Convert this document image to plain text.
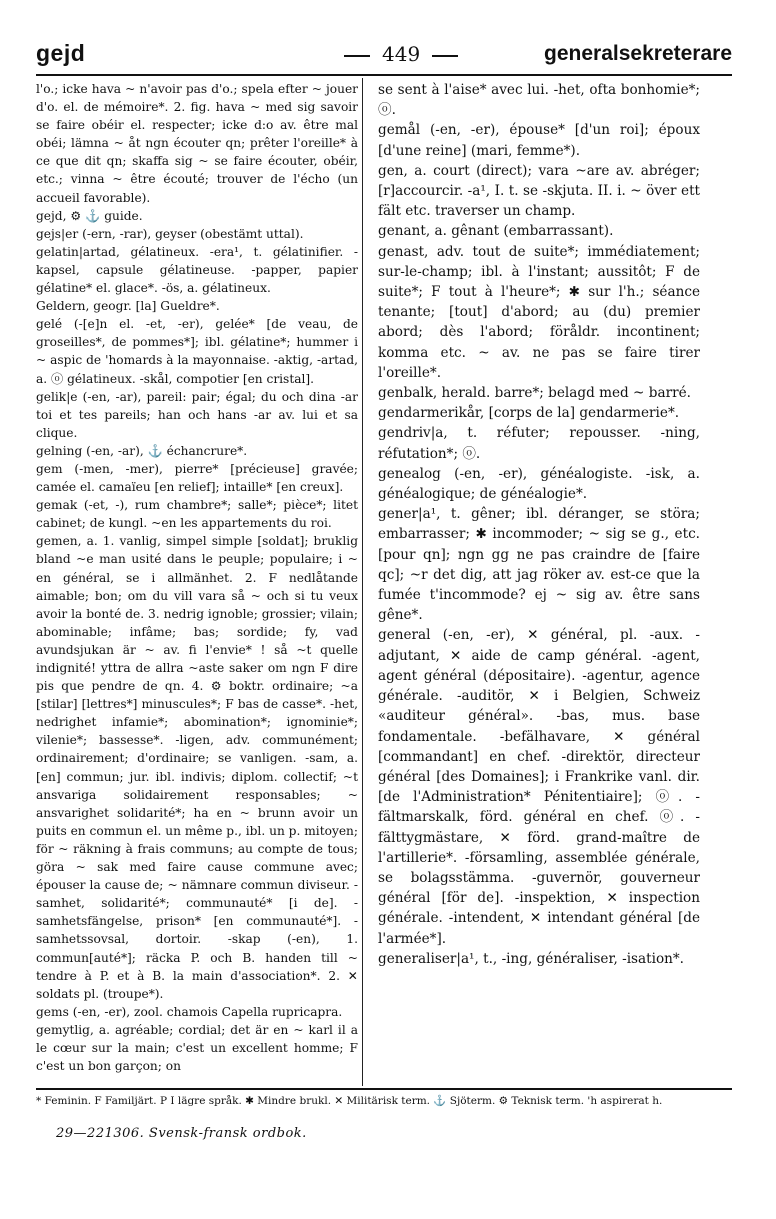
gejd	449	generalsekreterare

l'o.; icke hava ~ n'avoir pas d'o.; spela efter ~ jouer d'o. el. de mémoire*. 2. fig. hava ~ med sig savoir se faire obéir el. respecter; icke d:o av. être mal obéi; lämna ~ åt ngn écouter qn; prêter l'oreille* à ce que dit qn; skaffa sig ~ se faire écouter, obéir, etc.; vinna ~ être écouté; trouver de l'écho (un accueil favorable).

gejd, ⚙ ⚓ guide.

gejs|er (-ern, -rar), geyser (obestämt uttal).

gelatin|artad, gélatineux. -era¹, t. gélatinifier. -kapsel, capsule gélatineuse. -papper, papier gélatine* el. glace*. -ös, a. gélatineux.

Geldern, geogr. [la] Gueldre*.

gelé (-[e]n el. -et, -er), gelée* [de veau, de groseilles*, de pommes*]; ibl. gélatine*; hummer i ~ aspic de 'homards à la mayonnaise. -aktig, -artad, a. ⓞ gélatineux. -skål, compotier [en cristal].

gelik|e (-en, -ar), pareil: pair; égal; du och dina -ar toi et tes pareils; han och hans -ar av. lui et sa clique.

gelning (-en, -ar), ⚓ échancrure*.

gem (-men, -mer), pierre* [précieuse] gravée; camée el. camaïeu [en relief]; intaille* [en creux].

gemak (-et, -), rum chambre*; salle*; pièce*; litet cabinet; de kungl. ~en les appartements du roi.

gemen, a. 1. vanlig, simpel simple [soldat]; bruklig bland ~e man usité dans le peuple; populaire; i ~ en général, se i allmänhet. 2. F nedlåtande aimable; bon; om du vill vara så ~ och si tu veux avoir la bonté de. 3. nedrig ignoble; grossier; vilain; abominable; infâme; bas; sordide; fy, vad avundsjukan är ~ av. fi l'envie* ! så ~t quelle indignité! yttra de allra ~aste saker om ngn F dire pis que pendre de qn. 4. ⚙ boktr. ordinaire; ~a [stilar] [lettres*] minuscules*; F bas de casse*. -het, nedrighet infamie*; abomination*; ignominie*; vilenie*; bassesse*. -ligen, adv. communément; ordinairement; d'ordinaire; se vanligen. -sam, a. [en] commun; jur. ibl. indivis; diplom. collectif; ~t ansvariga solidairement responsables; ~ ansvarighet solidarité*; ha en ~ brunn avoir un puits en commun el. un même p., ibl. un p. mitoyen; för ~ räkning à frais communs; au compte de tous; göra ~ sak med faire cause commune avec; épouser la cause de; ~ nämnare commun diviseur. -samhet, solidarité*; communauté* [i de]. -samhetsfängelse, prison* [en communauté*]. -samhetssovsal, dortoir. -skap (-en), 1. commun[auté*]; räcka P. och B. handen till ~ tendre à P. et à B. la main d'association*. 2. ✕ soldats pl. (troupe*).

gems (-en, -er), zool. chamois Capella rupricapra.

gemytlig, a. agréable; cordial; det är en ~ karl il a le cœur sur la main; c'est un excellent homme; F c'est un bon garçon; on

se sent à l'aise* avec lui. -het, ofta bonhomie*; ⓞ.

gemål (-en, -er), épouse* [d'un roi]; époux [d'une reine] (mari, femme*).

gen, a. court (direct); vara ~are av. abréger; [r]accourcir. -a¹, I. t. se -skjuta. II. i. ~ över ett fält etc. traverser un champ.

genant, a. gênant (embarrassant).

genast, adv. tout de suite*; immédiatement; sur-le-champ; ibl. à l'instant; aussitôt; F de suite*; F tout à l'heure*; ✱ sur l'h.; séance tenante; [tout] d'abord; au (du) premier abord; dès l'abord; föråldr. incontinent; komma etc. ~ av. ne pas se faire tirer l'oreille*.

genbalk, herald. barre*; belagd med ~ barré.

gendarmerikår, [corps de la] gendarmerie*.

gendriv|a, t. réfuter; repousser. -ning, réfutation*; ⓞ.

genealog (-en, -er), généalogiste. -isk, a. généalogique; de généalogie*.

gener|a¹, t. gêner; ibl. déranger, se störa; embarrasser; ✱ incommoder; ~ sig se g., etc. [pour qn]; ngn gg ne pas craindre de [faire qc]; ~r det dig, att jag röker av. est-ce que la fumée t'incommode? ej ~ sig av. être sans gêne*.

general (-en, -er), ✕ général, pl. -aux. -adjutant, ✕ aide de camp général. -agent, agent général (dépositaire). -agentur, agence générale. -auditör, ✕ i Belgien, Schweiz «auditeur général». -bas, mus. base fondamentale. -befälhavare, ✕ général [commandant] en chef. -direktör, directeur général [des Domaines]; i Frankrike vanl. dir. [de l'Administration* Pénitentiaire]; ⓞ. -fältmarskalk, förd. général en chef. ⓞ. -fälttygmästare, ✕ förd. grand-maître de l'artillerie*. -församling, assemblée générale, se bolagsstämma. -guvernör, gouverneur général [för de]. -inspektion, ✕ inspection générale. -intendent, ✕ intendant général [de l'armée*].

generaliser|a¹, t., -ing, généraliser, -isation*.

* Feminin. F Familjärt. P I lägre språk. ✱ Mindre brukl. ✕ Militärisk term. ⚓ Sjöterm. ⚙ Teknisk term. 'h aspirerat h.
29—221306. Svensk-fransk ordbok.
